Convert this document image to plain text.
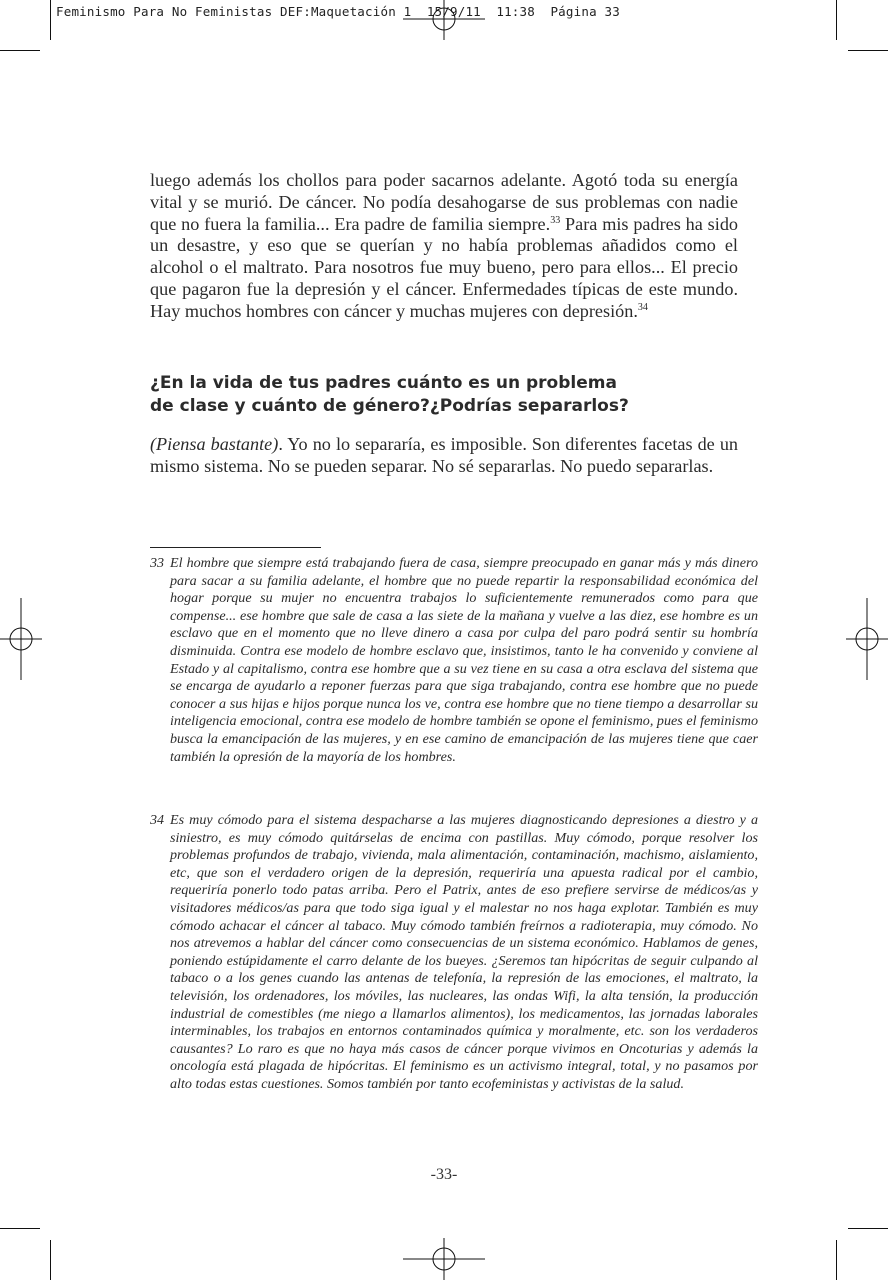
Feminismo Para No Feministas DEF:Maquetación 1  15/9/11  11:38  Página 33

luego además los chollos para poder sacarnos adelante. Agotó toda su energía vital y se murió. De cáncer. No podía desahogarse de sus problemas con nadie que no fuera la familia... Era padre de familia siempre.$^{33}$ Para mis padres ha sido un desastre, y eso que se querían y no había problemas añadidos como el alcohol o el maltrato. Para nosotros fue muy bueno, pero para ellos... El precio que pagaron fue la depresión y el cáncer. Enfermedades típicas de este mundo. Hay muchos hombres con cáncer y muchas mujeres con depresión.$^{34}$

¿En la vida de tus padres cuánto es un problema
de clase y cuánto de género?¿Podrías separarlos?

(Piensa bastante). Yo no lo separaría, es imposible. Son diferentes facetas de un mismo sistema. No se pueden separar. No sé separarlas. No puedo separarlas.

33 El hombre que siempre está trabajando fuera de casa, siempre preocupado en ganar más y más dinero para sacar a su familia adelante, el hombre que no puede repartir la responsabilidad económica del hogar porque su mujer no encuentra trabajos lo suficientemente remunerados como para que compense... ese hombre que sale de casa a las siete de la mañana y vuelve a las diez, ese hombre es un esclavo que en el momento que no lleve dinero a casa por culpa del paro podrá sentir su hombría disminuida. Contra ese modelo de hombre esclavo que, insistimos, tanto le ha convenido y conviene al Estado y al capitalismo, contra ese hombre que a su vez tiene en su casa a otra esclava del sistema que se encarga de ayudarlo a reponer fuerzas para que siga trabajando, contra ese hombre que no puede conocer a sus hijas e hijos porque nunca los ve, contra ese hombre que no tiene tiempo a desarrollar su inteligencia emocional, contra ese modelo de hombre también se opone el feminismo, pues el feminismo busca la emancipación de las mujeres, y en ese camino de emancipación de las mujeres tiene que caer también la opresión de la mayoría de los hombres.

34 Es muy cómodo para el sistema despacharse a las mujeres diagnosticando depresiones a diestro y a siniestro, es muy cómodo quitárselas de encima con pastillas. Muy cómodo, porque resolver los problemas profundos de trabajo, vivienda, mala alimentación, contaminación, machismo, aislamiento, etc, que son el verdadero origen de la depresión, requeriría una apuesta radical por el cambio, requeriría ponerlo todo patas arriba. Pero el Patrix, antes de eso prefiere servirse de médicos/as y visitadores médicos/as para que todo siga igual y el malestar no nos haga explotar. También es muy cómodo achacar el cáncer al tabaco. Muy cómodo también freírnos a radioterapia, muy cómodo. No nos atrevemos a hablar del cáncer como consecuencias de un sistema económico. Hablamos de genes, poniendo estúpidamente el carro delante de los bueyes. ¿Seremos tan hipócritas de seguir culpando al tabaco o a los genes cuando las antenas de telefonía, la represión de las emociones, el maltrato, la televisión, los ordenadores, los móviles, las nucleares, las ondas Wifi, la alta tensión, la producción industrial de comestibles (me niego a llamarlos alimentos), los medicamentos, las jornadas laborales interminables, los trabajos en entornos contaminados química y moralmente, etc. son los verdaderos causantes? Lo raro es que no haya más casos de cáncer porque vivimos en Oncoturias y además la oncología está plagada de hipócritas. El feminismo es un activismo integral, total, y no pasamos por alto todas estas cuestiones. Somos también por tanto ecofeministas y activistas de la salud.

-33-
